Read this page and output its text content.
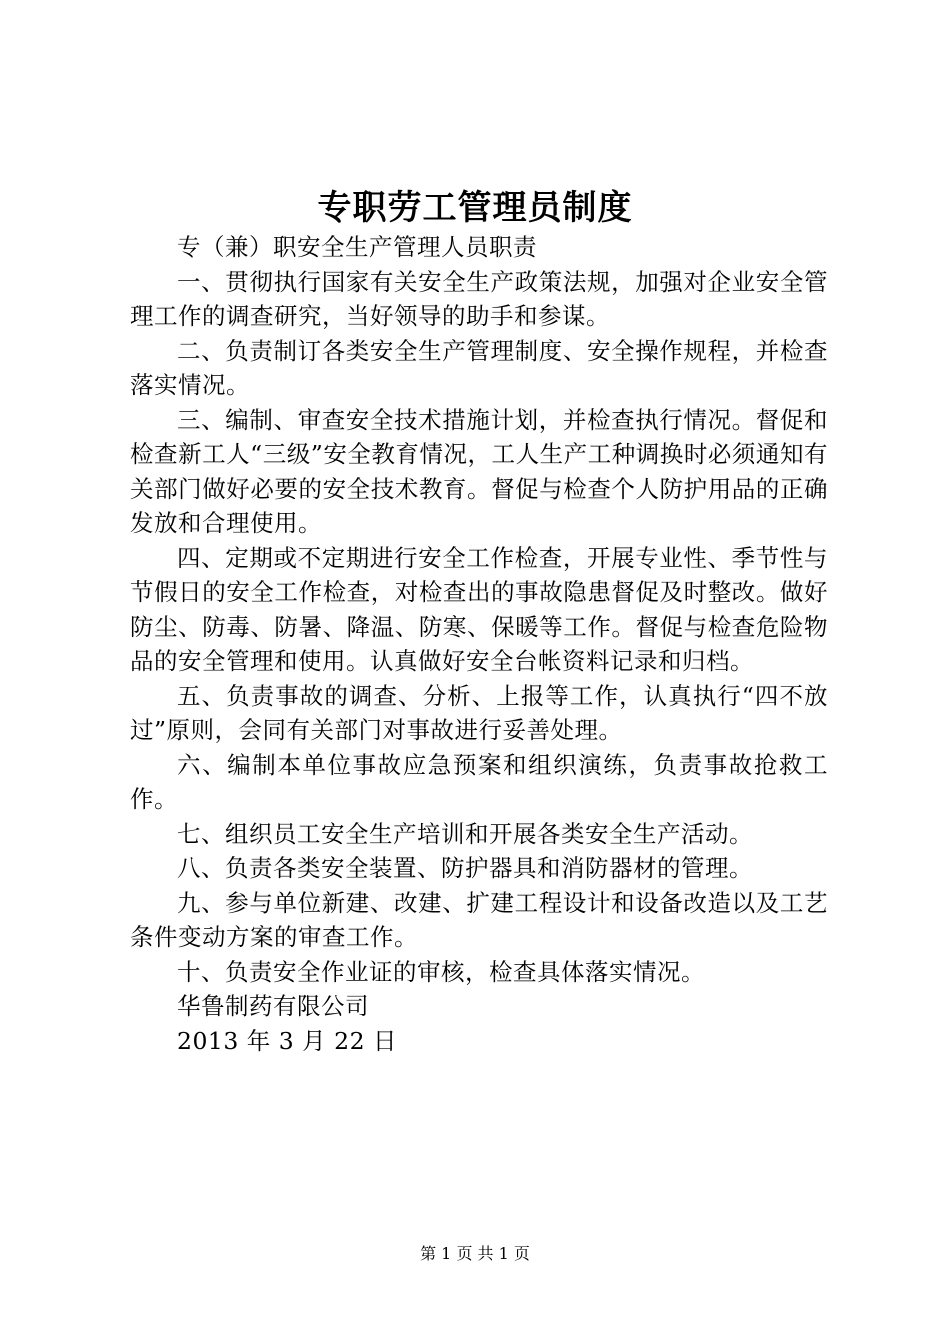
专职劳工管理员制度

专（兼）职安全生产管理人员职责

一、贯彻执行国家有关安全生产政策法规，加强对企业安全管理工作的调查研究，当好领导的助手和参谋。

二、负责制订各类安全生产管理制度、安全操作规程，并检查落实情况。

三、编制、审查安全技术措施计划，并检查执行情况。督促和检查新工人“三级”安全教育情况，工人生产工种调换时必须通知有关部门做好必要的安全技术教育。督促与检查个人防护用品的正确发放和合理使用。

四、定期或不定期进行安全工作检查，开展专业性、季节性与节假日的安全工作检查，对检查出的事故隐患督促及时整改。做好防尘、防毒、防暑、降温、防寒、保暖等工作。督促与检查危险物品的安全管理和使用。认真做好安全台帐资料记录和归档。

五、负责事故的调查、分析、上报等工作，认真执行“四不放过”原则，会同有关部门对事故进行妥善处理。

六、编制本单位事故应急预案和组织演练，负责事故抢救工作。

七、组织员工安全生产培训和开展各类安全生产活动。

八、负责各类安全装置、防护器具和消防器材的管理。

九、参与单位新建、改建、扩建工程设计和设备改造以及工艺条件变动方案的审查工作。

十、负责安全作业证的审核，检查具体落实情况。

华鲁制药有限公司

2013 年 3 月 22 日

第 1 页 共 1 页
